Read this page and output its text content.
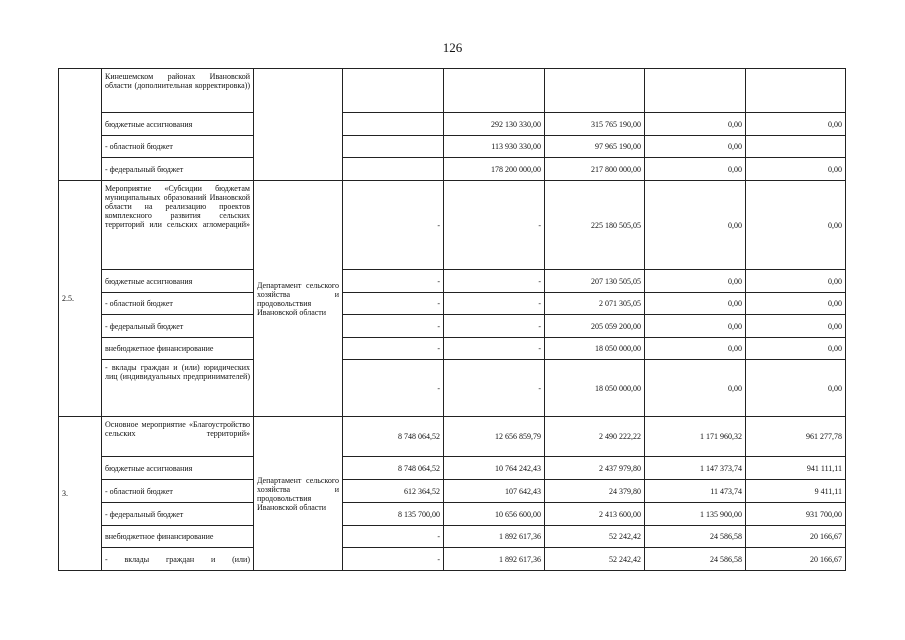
126
	Кинешемском районах Ивановской области (дополнительная корректировка))						
	бюджетные ассигнования			292 130 330,00	315 765 190,00	0,00	0,00
	- областной бюджет			113 930 330,00	97 965 190,00	0,00	
	- федеральный бюджет			178 200 000,00	217 800 000,00	0,00	0,00
2.5.	Мероприятие «Субсидии бюджетам муниципальных образований Ивановской области на реализацию проектов комплексного развития сельских территорий или сельских агломераций»	Департамент сельского хозяйства и продовольствия Ивановской области	-	-	225 180 505,05	0,00	0,00
	бюджетные ассигнования		-	-	207 130 505,05	0,00	0,00
	- областной бюджет		-	-	2 071 305,05	0,00	0,00
	- федеральный бюджет		-	-	205 059 200,00	0,00	0,00
	внебюджетное финансирование		-	-	18 050 000,00	0,00	0,00
	- вклады граждан и (или) юридических лиц (индивидуальных предпринимателей)		-	-	18 050 000,00	0,00	0,00
3.	Основное мероприятие «Благоустройство сельских территорий»	Департамент сельского хозяйства и продовольствия Ивановской области	8 748 064,52	12 656 859,79	2 490 222,22	1 171 960,32	961 277,78
	бюджетные ассигнования		8 748 064,52	10 764 242,43	2 437 979,80	1 147 373,74	941 111,11
	- областной бюджет		612 364,52	107 642,43	24 379,80	11 473,74	9 411,11
	- федеральный бюджет		8 135 700,00	10 656 600,00	2 413 600,00	1 135 900,00	931 700,00
	внебюджетное финансирование		-	1 892 617,36	52 242,42	24 586,58	20 166,67
	- вклады граждан и (или)		-	1 892 617,36	52 242,42	24 586,58	20 166,67
